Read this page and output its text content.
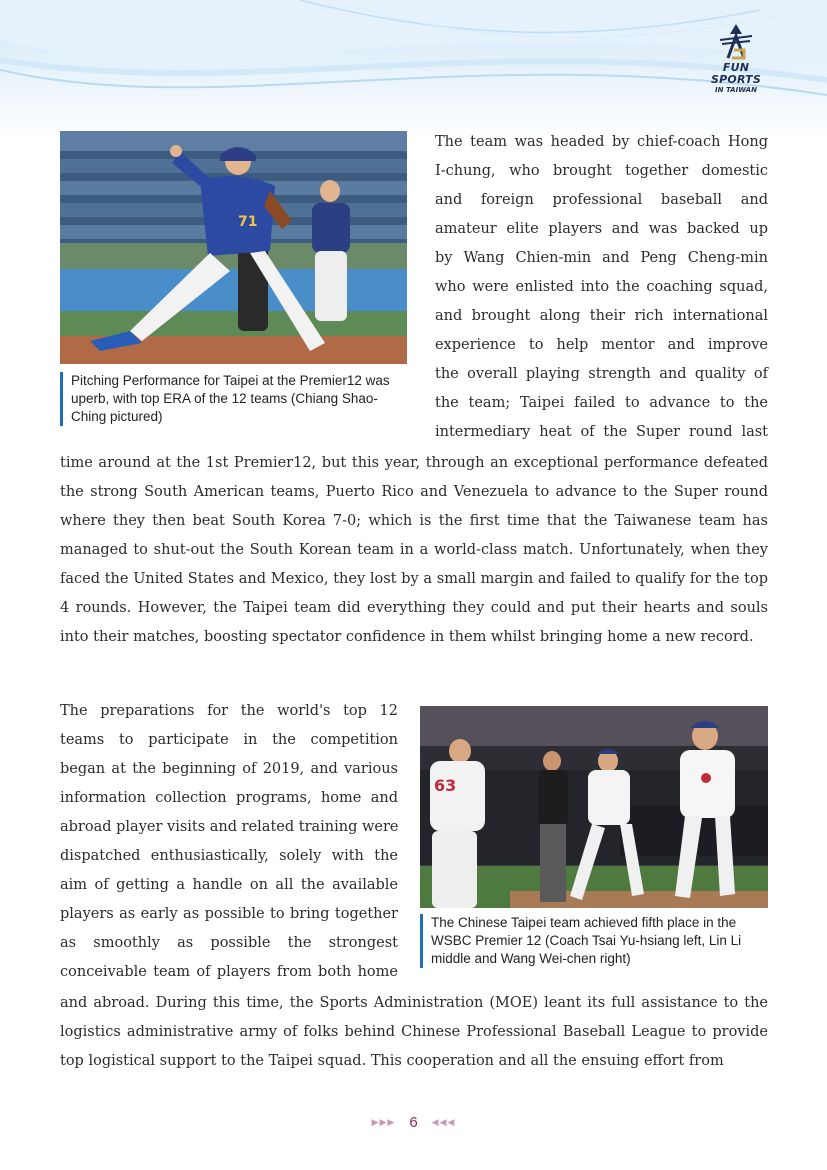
FUN SPORTS
IN TAIWAN
71
Pitching Performance for Taipei at the Premier12 was uperb, with top ERA of the 12 teams (Chiang Shao-Ching pictured)
The team was headed by chief-coach Hong
I-chung, who brought together domestic
and foreign professional baseball and
amateur elite players and was backed up
by Wang Chien-min and Peng Cheng-min
who were enlisted into the coaching squad,
and brought along their rich international
experience to help mentor and improve
the overall playing strength and quality of
the team; Taipei failed to advance to the
intermediary heat of the Super round last

time around at the 1st Premier12, but this year, through an exceptional performance defeated the strong South American teams, Puerto Rico and Venezuela to advance to the Super round where they then beat South Korea 7-0; which is the first time that the Taiwanese team has managed to shut-out the South Korean team in a world-class match. Unfortunately, when they faced the United States and Mexico, they lost by a small margin and failed to qualify for the top 4 rounds. However, the Taipei team did everything they could and put their hearts and souls into their matches, boosting spectator confidence in them whilst bringing home a new record.

The preparations for the world's top 12
teams to participate in the competition
began at the beginning of 2019, and various
information collection programs, home and
abroad player visits and related training were
dispatched enthusiastically, solely with the
aim of getting a handle on all the available
players as early as possible to bring together
as smoothly as possible the strongest
conceivable team of players from both home
63
The Chinese Taipei team achieved fifth place in the WSBC Premier 12 (Coach Tsai Yu-hsiang left, Lin Li middle and Wang Wei-chen right)

and abroad. During this time, the Sports Administration (MOE) leant its full assistance to the logistics administrative army of folks behind Chinese Professional Baseball League to provide top logistical support to the Taipei squad. This cooperation and all the ensuing effort from

▶▶▶ 6 ◀◀◀
